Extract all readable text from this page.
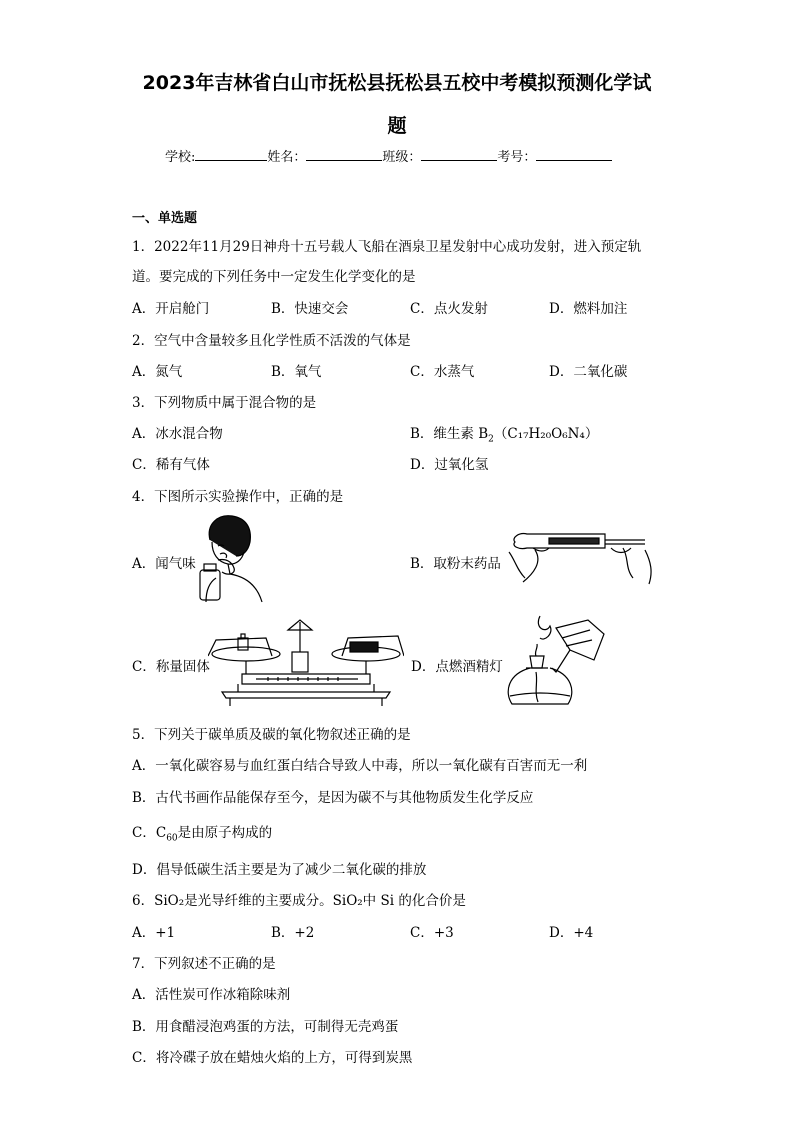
2023年吉林省白山市抚松县抚松县五校中考模拟预测化学试
题
学校:	姓名：	班级：	考号：
一、单选题
1．2022年11月29日神舟十五号载人飞船在酒泉卫星发射中心成功发射，进入预定轨
道。要完成的下列任务中一定发生化学变化的是
A．开启舱门	B．快速交会	C．点火发射	D．燃料加注
2．空气中含量较多且化学性质不活泼的气体是
A．氮气	B．氧气	C．水蒸气	D．二氧化碳
3．下列物质中属于混合物的是
A．冰水混合物	B．维生素 $B_2(C_{17}H_{20}O_6N_4)$
C．稀有气体	D．过氧化氢
4．下图所示实验操作中，正确的是
A．闻气味	B．取粉末药品
C．称量固体	D．点燃酒精灯
5．下列关于碳单质及碳的氧化物叙述正确的是
A．一氧化碳容易与血红蛋白结合导致人中毒，所以一氧化碳有百害而无一利
B．古代书画作品能保存至今，是因为碳不与其他物质发生化学反应
C．$C_{60}$是由原子构成的
D．倡导低碳生活主要是为了减少二氧化碳的排放
6．SiO₂是光导纤维的主要成分。SiO₂中 Si 的化合价是
A．+1	B．+2	C．+3	D．+4
7．下列叙述不正确的是
A．活性炭可作冰箱除味剂
B．用食醋浸泡鸡蛋的方法，可制得无壳鸡蛋
C．将冷碟子放在蜡烛火焰的上方，可得到炭黑
